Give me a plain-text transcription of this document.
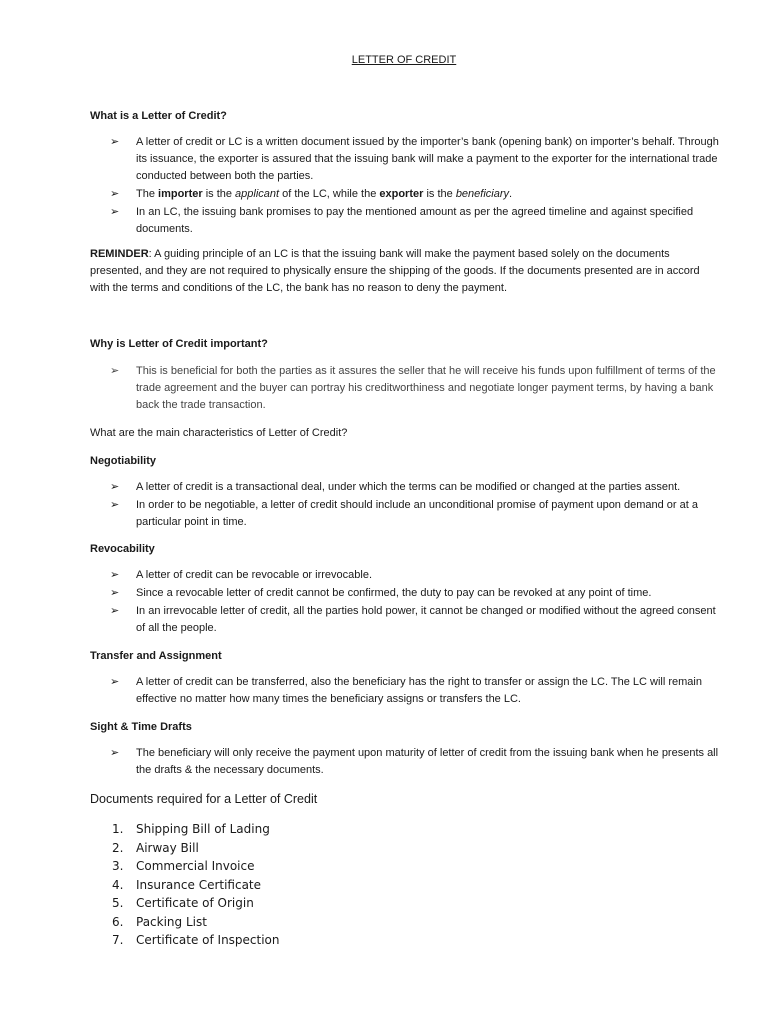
LETTER OF CREDIT
What is a Letter of Credit?
➢ A letter of credit or LC is a written document issued by the importer’s bank (opening bank) on importer’s behalf. Through its issuance, the exporter is assured that the issuing bank will make a payment to the exporter for the international trade conducted between both the parties.
➢ The importer is the applicant of the LC, while the exporter is the beneficiary.
➢ In an LC, the issuing bank promises to pay the mentioned amount as per the agreed timeline and against specified documents.

REMINDER: A guiding principle of an LC is that the issuing bank will make the payment based solely on the documents presented, and they are not required to physically ensure the shipping of the goods. If the documents presented are in accord with the terms and conditions of the LC, the bank has no reason to deny the payment.

Why is Letter of Credit important?
➢ This is beneficial for both the parties as it assures the seller that he will receive his funds upon fulfillment of terms of the trade agreement and the buyer can portray his creditworthiness and negotiate longer payment terms, by having a bank back the trade transaction.
What are the main characteristics of Letter of Credit?
Negotiability
➢ A letter of credit is a transactional deal, under which the terms can be modified or changed at the parties assent.
➢ In order to be negotiable, a letter of credit should include an unconditional promise of payment upon demand or at a particular point in time.
Revocability
➢ A letter of credit can be revocable or irrevocable.
➢ Since a revocable letter of credit cannot be confirmed, the duty to pay can be revoked at any point of time.
➢ In an irrevocable letter of credit, all the parties hold power, it cannot be changed or modified without the agreed consent of all the people.
Transfer and Assignment
➢ A letter of credit can be transferred, also the beneficiary has the right to transfer or assign the LC. The LC will remain effective no matter how many times the beneficiary assigns or transfers the LC.
Sight & Time Drafts
➢ The beneficiary will only receive the payment upon maturity of letter of credit from the issuing bank when he presents all the drafts & the necessary documents.
Documents required for a Letter of Credit
1. Shipping Bill of Lading
2. Airway Bill
3. Commercial Invoice
4. Insurance Certificate
5. Certificate of Origin
6. Packing List
7. Certificate of Inspection
